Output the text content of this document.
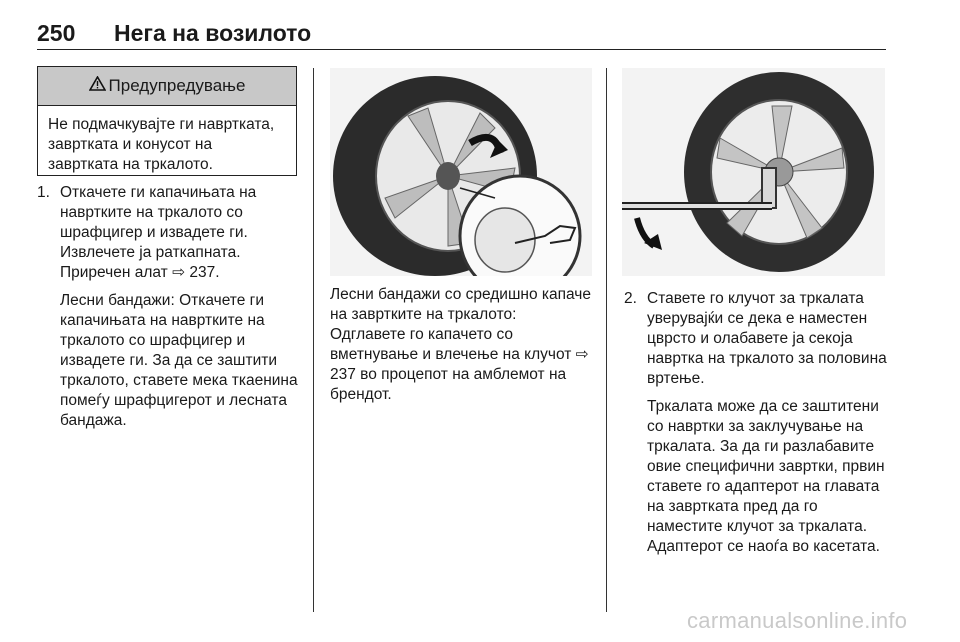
250 Нега на возилото
Предупредување
Не подмачкувајте ги навртката, завртката и конусот на завртката на тркалото.
1. Откачете ги капачињата на навртките на тркалото со шрафцигер и извадете ги. Извлечете ја раткапната. Приречен алат ⇨ 237.
Лесни бандажи: Откачете ги капачињата на навртките на тркалото со шрафцигер и извадете ги. За да се заштити тркалото, ставете мека ткаенина помеѓу шрафцигерот и лесната бандажа.
Лесни бандажи со средишно капаче на завртките на тркалото: Одглавете го капачето со вметнување и влечење на клучот ⇨ 237 во процепот на амблемот на брендот.
2. Ставете го клучот за тркалата уверувајќи се дека е наместен цврсто и олабавете ја секоја навртка на тркалото за половина вртење.
Тркалата може да се заштитени со навртки за заклучување на тркалата. За да ги разлабавите овие специфични завртки, првин ставете го адаптерот на главата на завртката пред да го наместите клучот за тркалата. Адаптерот се наоѓа во касетата.
carmanualsonline.info
